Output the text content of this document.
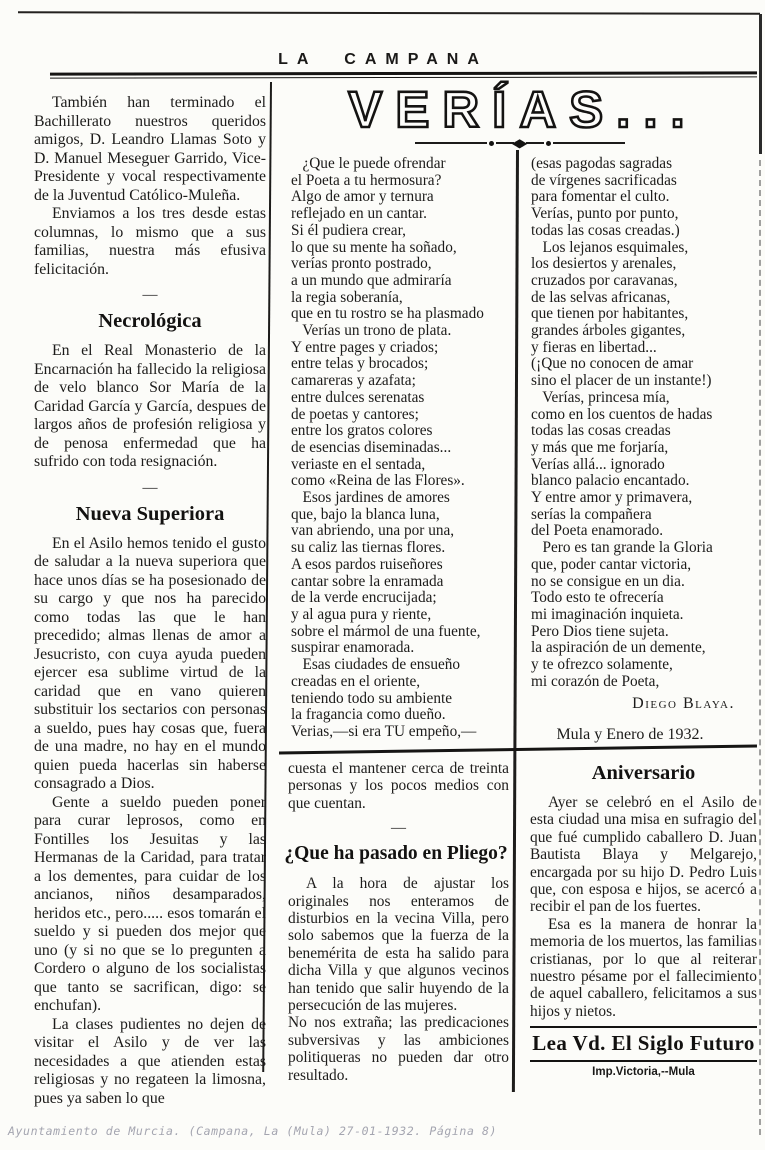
LA CAMPANA
VERÍAS...
◆
También han terminado el Bachillerato nuestros queridos amigos, D. Leandro Llamas Soto y D. Manuel Meseguer Garrido, Vice-Presidente y vocal respectivamente de la Juventud Católico-Muleña.
Enviamos a los tres desde estas columnas, lo mismo que a sus familias, nuestra más efusiva felicitación.
—
Necrológica
En el Real Monasterio de la Encarnación ha fallecido la religiosa de velo blanco Sor María de la Caridad García y García, despues de largos años de profesión religiosa y de penosa enfermedad que ha sufrido con toda resignación.
—
Nueva Superiora
En el Asilo hemos tenido el gusto de saludar a la nueva superiora que hace unos días se ha posesionado de su cargo y que nos ha parecido como todas las que le han precedido; almas llenas de amor a Jesucristo, con cuya ayuda pueden ejercer esa sublime virtud de la caridad que en vano quieren substituir los sectarios con personas a sueldo, pues hay cosas que, fuera de una madre, no hay en el mundo quien pueda hacerlas sin haberse consagrado a Dios.
Gente a sueldo pueden poner para curar leprosos, como en Fontilles los Jesuitas y las Hermanas de la Caridad, para tratar a los dementes, para cuidar de los ancianos, niños desamparados, heridos etc., pero..... esos tomarán el sueldo y si pueden dos mejor que uno (y si no que se lo pregunten a Cordero o alguno de los socialistas que tanto se sacrifican, digo: se enchufan).
La clases pudientes no dejen de visitar el Asilo y de ver las necesidades a que atienden estas religiosas y no regateen la limosna, pues ya saben lo que
¿Que le puede ofrendar
el Poeta a tu hermosura?
Algo de amor y ternura
reflejado en un cantar.
Si él pudiera crear,
lo que su mente ha soñado,
verías pronto postrado,
a un mundo que admiraría
la regia soberanía,
que en tu rostro se ha plasmado
Verías un trono de plata.
Y entre pages y criados;
entre telas y brocados;
camareras y azafata;
entre dulces serenatas
de poetas y cantores;
entre los gratos colores
de esencias diseminadas...
veriaste en el sentada,
como «Reina de las Flores».
Esos jardines de amores
que, bajo la blanca luna,
van abriendo, una por una,
su caliz las tiernas flores.
A esos pardos ruiseñores
cantar sobre la enramada
de la verde encrucijada;
y al agua pura y riente,
sobre el mármol de una fuente,
suspirar enamorada.
Esas ciudades de ensueño
creadas en el oriente,
teniendo todo su ambiente
la fragancia como dueño.
Verias,—si era TU empeño,—
(esas pagodas sagradas
de vírgenes sacrificadas
para fomentar el culto.
Verías, punto por punto,
todas las cosas creadas.)
Los lejanos esquimales,
los desiertos y arenales,
cruzados por caravanas,
de las selvas africanas,
que tienen por habitantes,
grandes árboles gigantes,
y fieras en libertad...
(¡Que no conocen de amar
sino el placer de un instante!)
Verías, princesa mía,
como en los cuentos de hadas
todas las cosas creadas
y más que me forjaría,
Verías allá... ignorado
blanco palacio encantado.
Y entre amor y primavera,
serías la compañera
del Poeta enamorado.
Pero es tan grande la Gloria
que, poder cantar victoria,
no se consigue en un dia.
Todo esto te ofrecería
mi imaginación inquieta.
Pero Dios tiene sujeta.
la aspiración de un demente,
y te ofrezco solamente,
mi corazón de Poeta,
Diego Blaya.
Mula y Enero de 1932.
cuesta el mantener cerca de treinta personas y los pocos medios con que cuentan.
—
¿Que ha pasado en Pliego?
A la hora de ajustar los originales nos enteramos de disturbios en la vecina Villa, pero solo sabemos que la fuerza de la benemérita de esta ha salido para dicha Villa y que algunos vecinos han tenido que salir huyendo de la persecución de las mujeres.
No nos extraña; las predicaciones subversivas y las ambiciones politiqueras no pueden dar otro resultado.
Aniversario
Ayer se celebró en el Asilo de esta ciudad una misa en sufragio del que fué cumplido caballero D. Juan Bautista Blaya y Melgarejo, encargada por su hijo D. Pedro Luis que, con esposa e hijos, se acercó a recibir el pan de los fuertes.
Esa es la manera de honrar la memoria de los muertos, las familias cristianas, por lo que al reiterar nuestro pésame por el fallecimiento de aquel caballero, felicitamos a sus hijos y nietos.
Lea Vd. El Siglo Futuro
Imp.Victoria,--Mula
Ayuntamiento de Murcia. (Campana, La (Mula) 27-01-1932. Página 8)
